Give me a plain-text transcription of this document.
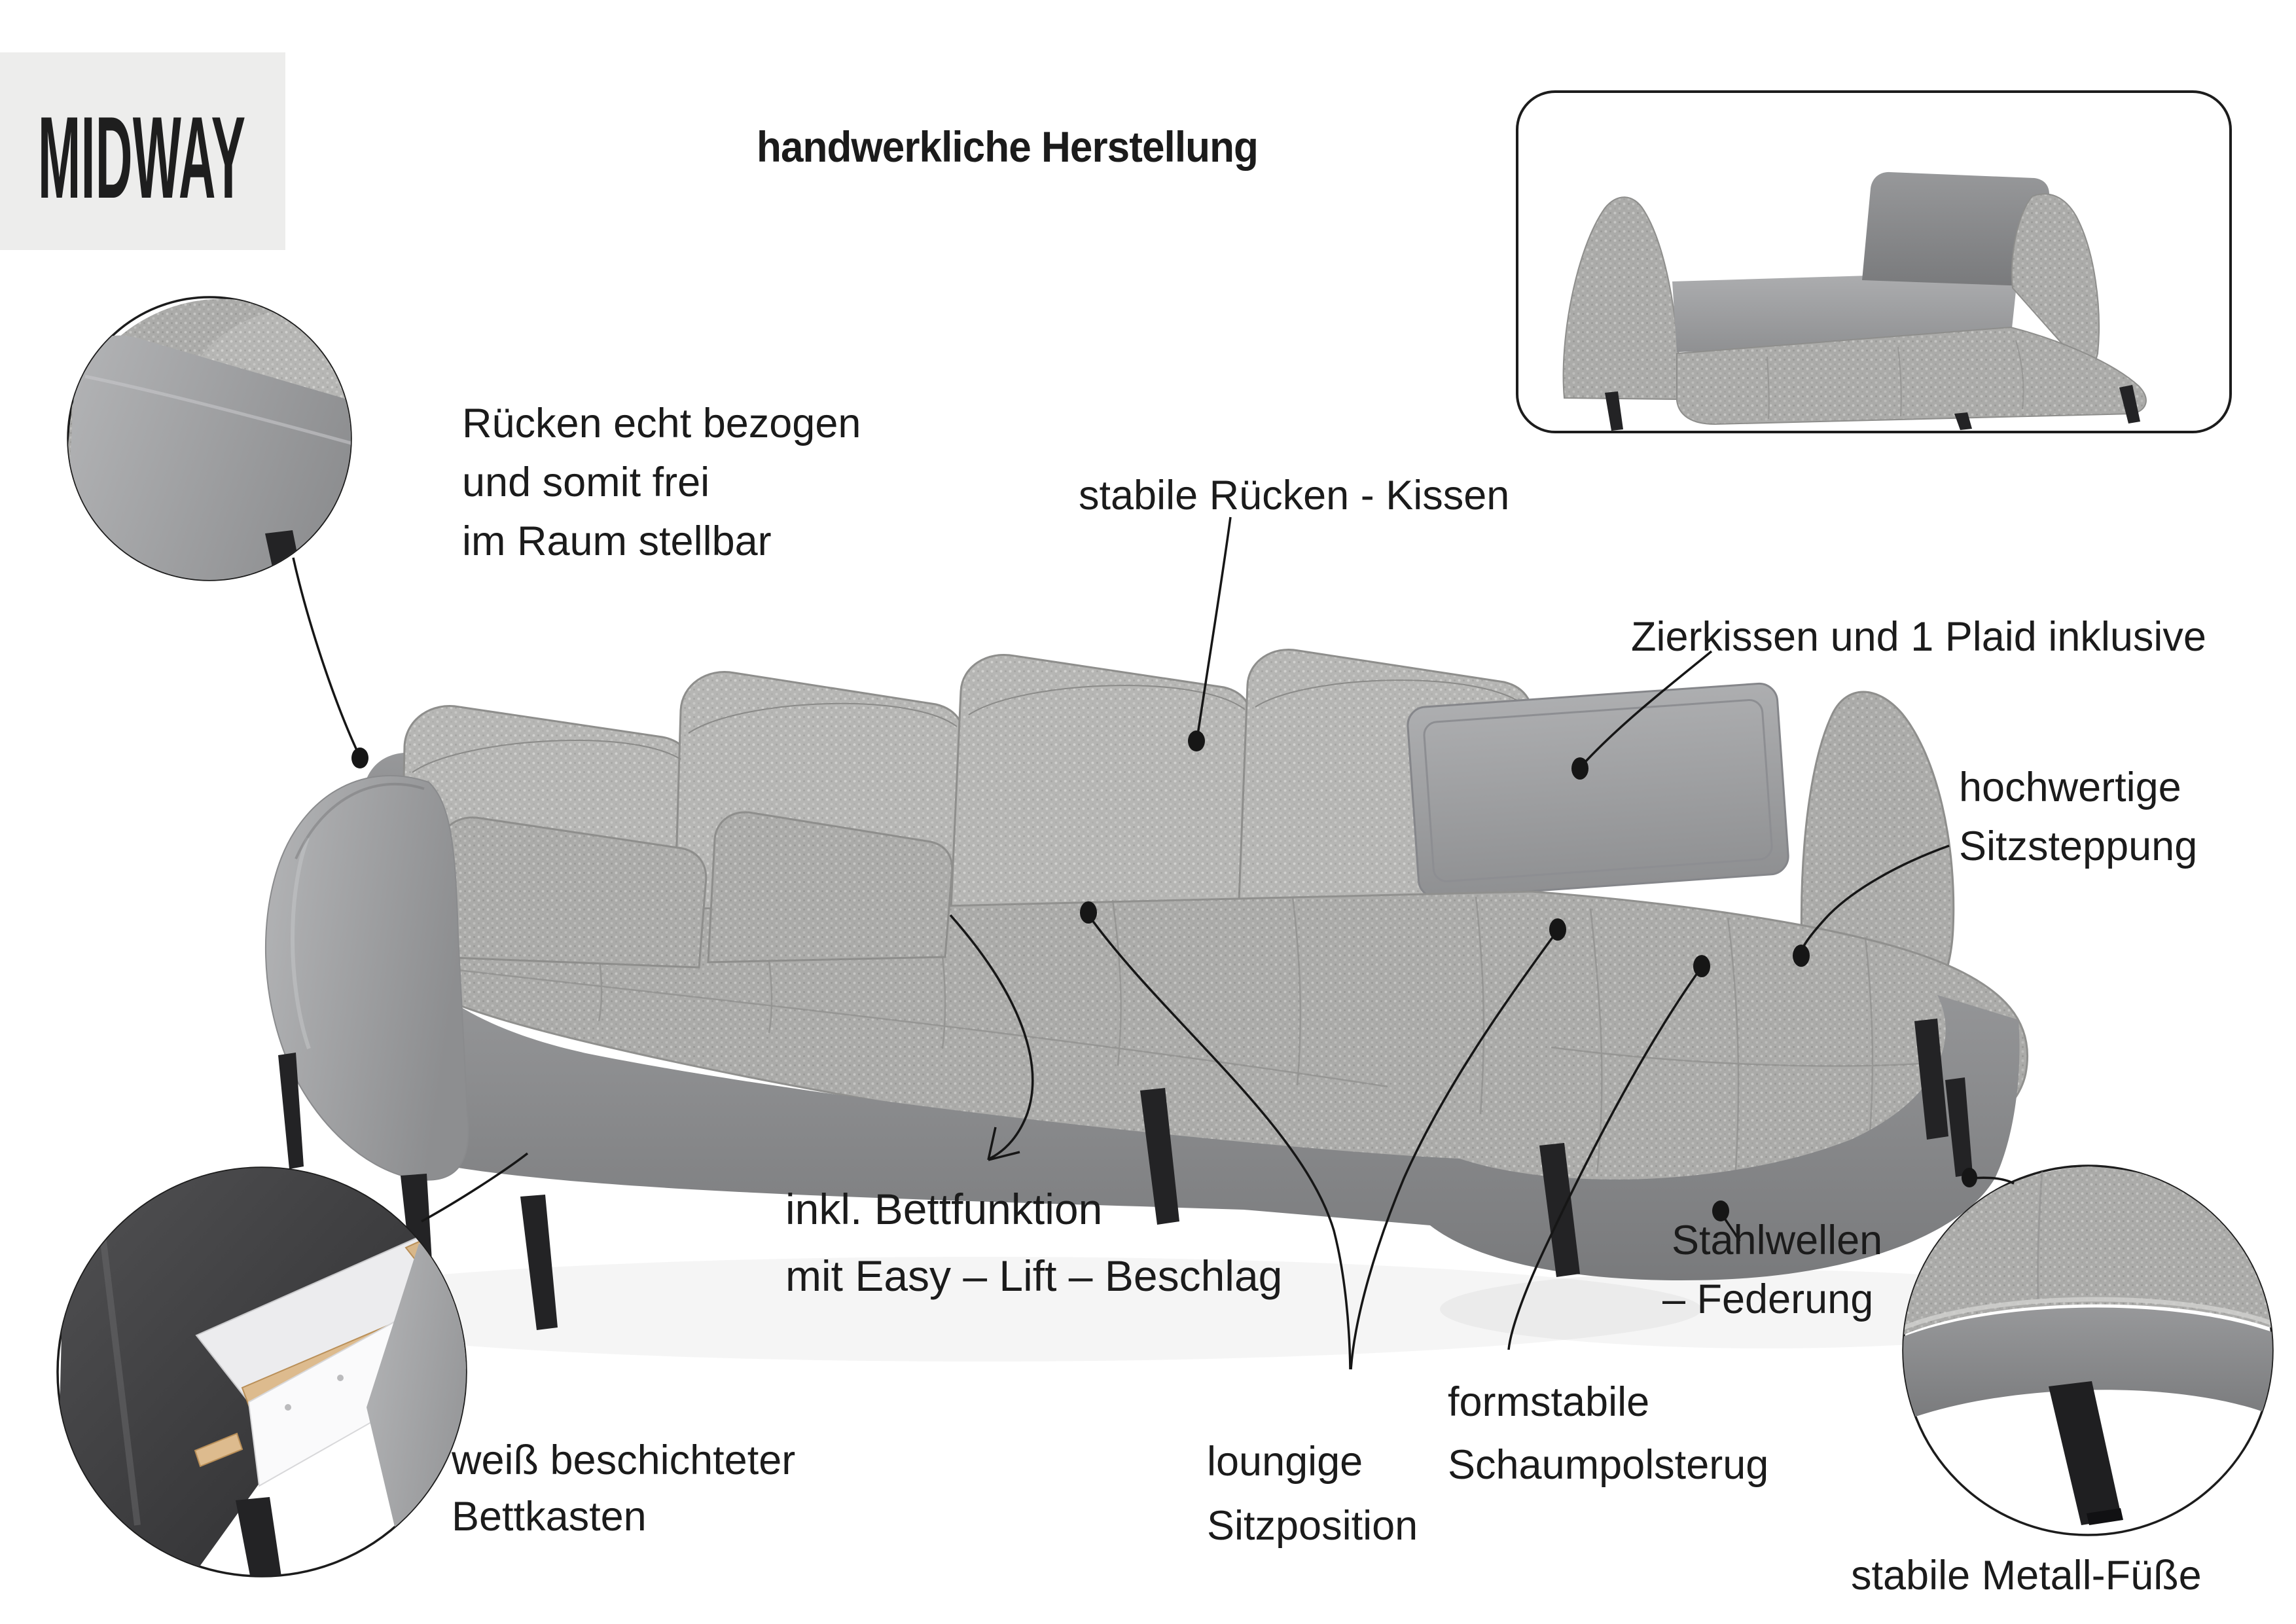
MIDWAY	handwerkliche Herstellung
Rücken echt bezogen
und somit frei
im Raum stellbar
stabile Rücken - Kissen
Zierkissen und 1 Plaid inklusive
hochwertige
Sitzsteppung
inkl. Bettfunktion
mit Easy – Lift – Beschlag
Stahlwellen
– Federung
formstabile
Schaumpolsterug
loungige
Sitzposition
weiß beschichteter
Bettkasten
stabile Metall-Füße
